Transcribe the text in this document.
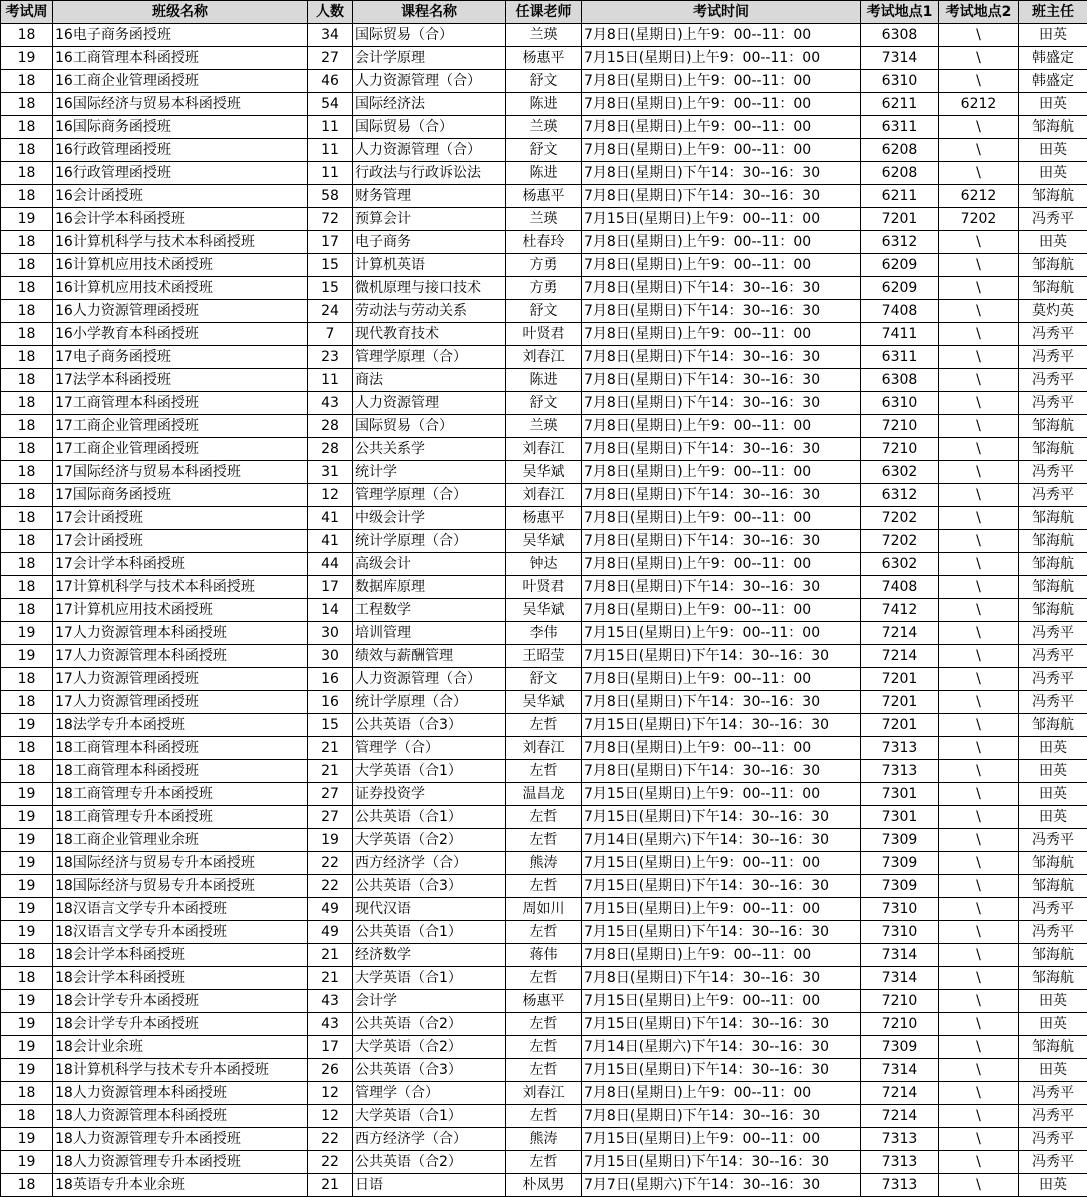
考试周	班级名称	人数	课程名称	任课老师	考试时间	考试地点1	考试地点2	班主任
18	16电子商务函授班	34	国际贸易（合）	兰瑛	7月8日(星期日)上午9：00--11：00	6308	\	田英
19	16工商管理本科函授班	27	会计学原理	杨惠平	7月15日(星期日)上午9：00--11：00	7314	\	韩盛定
18	16工商企业管理函授班	46	人力资源管理（合）	舒文	7月8日(星期日)上午9：00--11：00	6310	\	韩盛定
18	16国际经济与贸易本科函授班	54	国际经济法	陈进	7月8日(星期日)上午9：00--11：00	6211	6212	田英
18	16国际商务函授班	11	国际贸易（合）	兰瑛	7月8日(星期日)上午9：00--11：00	6311	\	邹海航
18	16行政管理函授班	11	人力资源管理（合）	舒文	7月8日(星期日)上午9：00--11：00	6208	\	田英
18	16行政管理函授班	11	行政法与行政诉讼法	陈进	7月8日(星期日)下午14：30--16：30	6208	\	田英
18	16会计函授班	58	财务管理	杨惠平	7月8日(星期日)下午14：30--16：30	6211	6212	邹海航
19	16会计学本科函授班	72	预算会计	兰瑛	7月15日(星期日)上午9：00--11：00	7201	7202	冯秀平
18	16计算机科学与技术本科函授班	17	电子商务	杜春玲	7月8日(星期日)上午9：00--11：00	6312	\	田英
18	16计算机应用技术函授班	15	计算机英语	方勇	7月8日(星期日)上午9：00--11：00	6209	\	邹海航
18	16计算机应用技术函授班	15	微机原理与接口技术	方勇	7月8日(星期日)下午14：30--16：30	6209	\	邹海航
18	16人力资源管理函授班	24	劳动法与劳动关系	舒文	7月8日(星期日)下午14：30--16：30	7408	\	莫灼英
18	16小学教育本科函授班	7	现代教育技术	叶贤君	7月8日(星期日)上午9：00--11：00	7411	\	冯秀平
18	17电子商务函授班	23	管理学原理（合）	刘春江	7月8日(星期日)下午14：30--16：30	6311	\	冯秀平
18	17法学本科函授班	11	商法	陈进	7月8日(星期日)下午14：30--16：30	6308	\	冯秀平
18	17工商管理本科函授班	43	人力资源管理	舒文	7月8日(星期日)下午14：30--16：30	6310	\	冯秀平
18	17工商企业管理函授班	28	国际贸易（合）	兰瑛	7月8日(星期日)上午9：00--11：00	7210	\	邹海航
18	17工商企业管理函授班	28	公共关系学	刘春江	7月8日(星期日)下午14：30--16：30	7210	\	邹海航
18	17国际经济与贸易本科函授班	31	统计学	吴华斌	7月8日(星期日)上午9：00--11：00	6302	\	冯秀平
18	17国际商务函授班	12	管理学原理（合）	刘春江	7月8日(星期日)下午14：30--16：30	6312	\	冯秀平
18	17会计函授班	41	中级会计学	杨惠平	7月8日(星期日)上午9：00--11：00	7202	\	邹海航
18	17会计函授班	41	统计学原理（合）	吴华斌	7月8日(星期日)下午14：30--16：30	7202	\	邹海航
18	17会计学本科函授班	44	高级会计	钟达	7月8日(星期日)上午9：00--11：00	6302	\	邹海航
18	17计算机科学与技术本科函授班	17	数据库原理	叶贤君	7月8日(星期日)下午14：30--16：30	7408	\	邹海航
18	17计算机应用技术函授班	14	工程数学	吴华斌	7月8日(星期日)上午9：00--11：00	7412	\	邹海航
19	17人力资源管理本科函授班	30	培训管理	李伟	7月15日(星期日)上午9：00--11：00	7214	\	冯秀平
19	17人力资源管理本科函授班	30	绩效与薪酬管理	王昭莹	7月15日(星期日)下午14：30--16：30	7214	\	冯秀平
18	17人力资源管理函授班	16	人力资源管理（合）	舒文	7月8日(星期日)上午9：00--11：00	7201	\	冯秀平
18	17人力资源管理函授班	16	统计学原理（合）	吴华斌	7月8日(星期日)下午14：30--16：30	7201	\	冯秀平
19	18法学专升本函授班	15	公共英语（合3）	左哲	7月15日(星期日)下午14：30--16：30	7201	\	邹海航
18	18工商管理本科函授班	21	管理学（合）	刘春江	7月8日(星期日)上午9：00--11：00	7313	\	田英
18	18工商管理本科函授班	21	大学英语（合1）	左哲	7月8日(星期日)下午14：30--16：30	7313	\	田英
19	18工商管理专升本函授班	27	证券投资学	温昌龙	7月15日(星期日)上午9：00--11：00	7301	\	田英
19	18工商管理专升本函授班	27	公共英语（合1）	左哲	7月15日(星期日)下午14：30--16：30	7301	\	田英
19	18工商企业管理业余班	19	大学英语（合2）	左哲	7月14日(星期六)下午14：30--16：30	7309	\	冯秀平
19	18国际经济与贸易专升本函授班	22	西方经济学（合）	熊涛	7月15日(星期日)上午9：00--11：00	7309	\	邹海航
19	18国际经济与贸易专升本函授班	22	公共英语（合3）	左哲	7月15日(星期日)下午14：30--16：30	7309	\	邹海航
19	18汉语言文学专升本函授班	49	现代汉语	周如川	7月15日(星期日)上午9：00--11：00	7310	\	冯秀平
19	18汉语言文学专升本函授班	49	公共英语（合1）	左哲	7月15日(星期日)下午14：30--16：30	7310	\	冯秀平
18	18会计学本科函授班	21	经济数学	蒋伟	7月8日(星期日)上午9：00--11：00	7314	\	邹海航
18	18会计学本科函授班	21	大学英语（合1）	左哲	7月8日(星期日)下午14：30--16：30	7314	\	邹海航
19	18会计学专升本函授班	43	会计学	杨惠平	7月15日(星期日)上午9：00--11：00	7210	\	田英
19	18会计学专升本函授班	43	公共英语（合2）	左哲	7月15日(星期日)下午14：30--16：30	7210	\	田英
19	18会计业余班	17	大学英语（合2）	左哲	7月14日(星期六)下午14：30--16：30	7309	\	邹海航
19	18计算机科学与技术专升本函授班	26	公共英语（合3）	左哲	7月15日(星期日)下午14：30--16：30	7314	\	田英
18	18人力资源管理本科函授班	12	管理学（合）	刘春江	7月8日(星期日)上午9：00--11：00	7214	\	冯秀平
18	18人力资源管理本科函授班	12	大学英语（合1）	左哲	7月8日(星期日)下午14：30--16：30	7214	\	冯秀平
19	18人力资源管理专升本函授班	22	西方经济学（合）	熊涛	7月15日(星期日)上午9：00--11：00	7313	\	冯秀平
19	18人力资源管理专升本函授班	22	公共英语（合2）	左哲	7月15日(星期日)下午14：30--16：30	7313	\	冯秀平
18	18英语专升本业余班	21	日语	朴凤男	7月7日(星期六)下午14：30--16：30	7313	\	田英
